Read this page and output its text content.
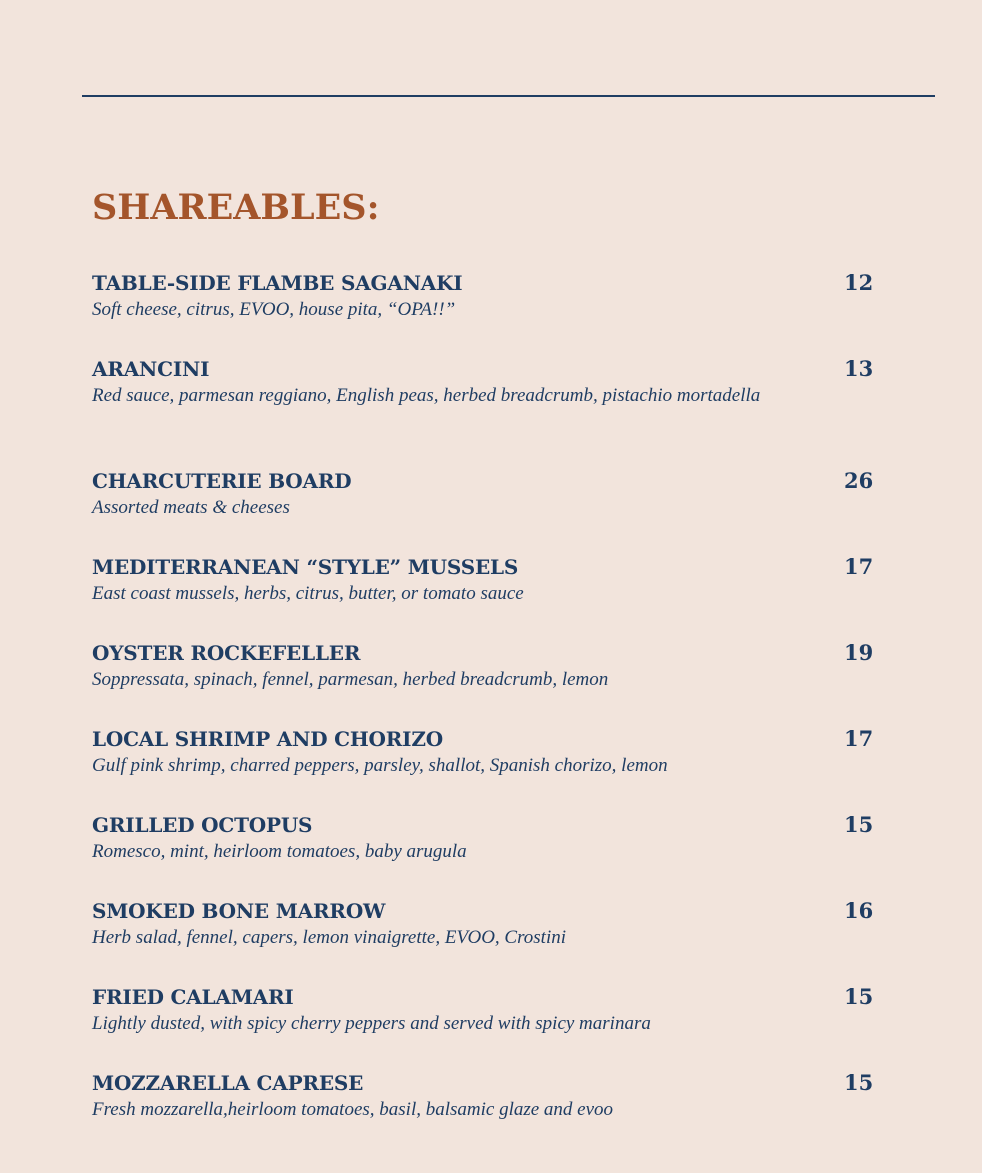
SHAREABLES:
TABLE-SIDE FLAMBE SAGANAKI	12
Soft cheese, citrus, EVOO, house pita, “OPA!!”
ARANCINI	13
Red sauce, parmesan reggiano, English peas, herbed breadcrumb, pistachio mortadella
CHARCUTERIE BOARD	26
Assorted meats & cheeses
MEDITERRANEAN “STYLE” MUSSELS	17
East coast mussels, herbs, citrus, butter, or tomato sauce
OYSTER ROCKEFELLER	19
Soppressata, spinach, fennel, parmesan, herbed breadcrumb, lemon
LOCAL SHRIMP AND CHORIZO	17
Gulf pink shrimp, charred peppers, parsley, shallot, Spanish chorizo, lemon
GRILLED OCTOPUS	15
Romesco, mint, heirloom tomatoes, baby arugula
SMOKED BONE MARROW	16
Herb salad, fennel, capers, lemon vinaigrette, EVOO, Crostini
FRIED CALAMARI	15
Lightly dusted, with spicy cherry peppers and served with spicy marinara
MOZZARELLA CAPRESE	15
Fresh mozzarella,heirloom tomatoes, basil, balsamic glaze and evoo
